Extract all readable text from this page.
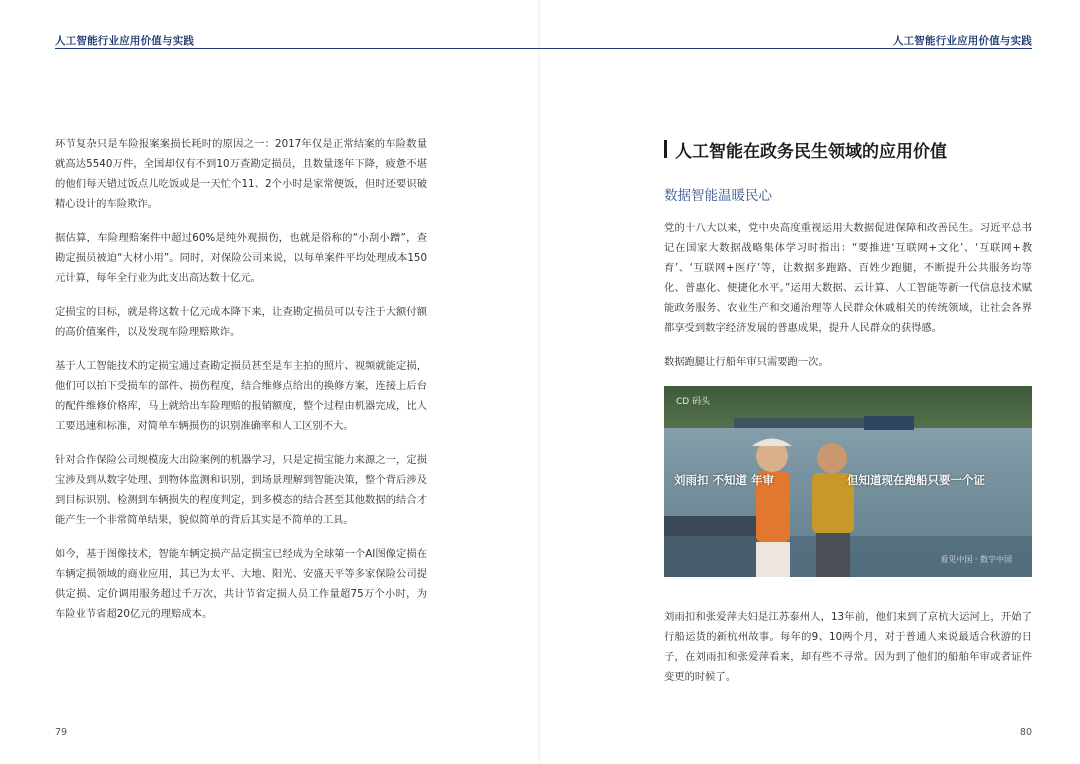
人工智能行业应用价值与实践

环节复杂只是车险报案案损长耗时的原因之一：2017年仅是正常结案的车险数量就高达5540万件，全国却仅有不到10万查勘定损员，且数量逐年下降，疲惫不堪的他们每天错过饭点儿吃饭或是一天忙个11、2个小时是家常便饭，但时还要识破精心设计的车险欺诈。

据估算，车险理赔案件中超过60%是纯外观损伤，也就是俗称的“小刮小蹭”，查勘定损员被迫“大材小用”。同时，对保险公司来说，以每单案件平均处理成本150元计算，每年全行业为此支出高达数十亿元。

定损宝的目标，就是将这数十亿元成本降下来，让查勘定损员可以专注于大额付额的高价值案件，以及发现车险理赔欺诈。

基于人工智能技术的定损宝通过查勘定损员甚至是车主拍的照片、视频就能定损，他们可以拍下受损车的部件、损伤程度，结合维修点给出的换修方案，连接上后台的配件维修价格库，马上就给出车险理赔的报销额度，整个过程由机器完成，比人工要迅速和标准，对简单车辆损伤的识别准确率和人工区别不大。

针对合作保险公司规模庞大出险案例的机器学习，只是定损宝能力来源之一，定损宝涉及到从数字处理、到物体监测和识别，到场景理解到智能决策，整个背后涉及到目标识别、检测到车辆损失的程度判定，到多模态的结合甚至其他数据的结合才能产生一个非常简单结果，貌似简单的背后其实是不简单的工具。

如今，基于图像技术，智能车辆定损产品定损宝已经成为全球第一个AI图像定损在车辆定损领域的商业应用，其已为太平、大地、阳光、安盛天平等多家保险公司提供定损、定价调用服务超过千万次，共计节省定损人员工作量超75万个小时，为车险业节省超20亿元的理赔成本。

79
人工智能行业应用价值与实践
人工智能在政务民生领域的应用价值
数据智能温暖民心

党的十八大以来，党中央高度重视运用大数据促进保障和改善民生。习近平总书记在国家大数据战略集体学习时指出：“要推进‘互联网+文化’、‘互联网+教育’、‘互联网+医疗’等，让数据多跑路、百姓少跑腿，不断提升公共服务均等化、普惠化、便捷化水平。”运用大数据、云计算、人工智能等新一代信息技术赋能政务服务、农业生产和交通治理等人民群众休戚相关的传统领域，让社会各界都享受到数字经济发展的普惠成果，提升人民群众的获得感。

数据跑腿让行船年审只需要跑一次。

CD 码头
刘雨扣 不知道 年审	但知道现在跑船只要一个证
看见中国 · 数字中国

刘雨扣和张爱萍夫妇是江苏泰州人，13年前，他们来到了京杭大运河上，开始了行船运货的新杭州故事。每年的9、10两个月，对于普通人来说最适合秋游的日子，在刘雨扣和张爱萍看来，却有些不寻常。因为到了他们的船舶年审或者证件变更的时候了。

80
